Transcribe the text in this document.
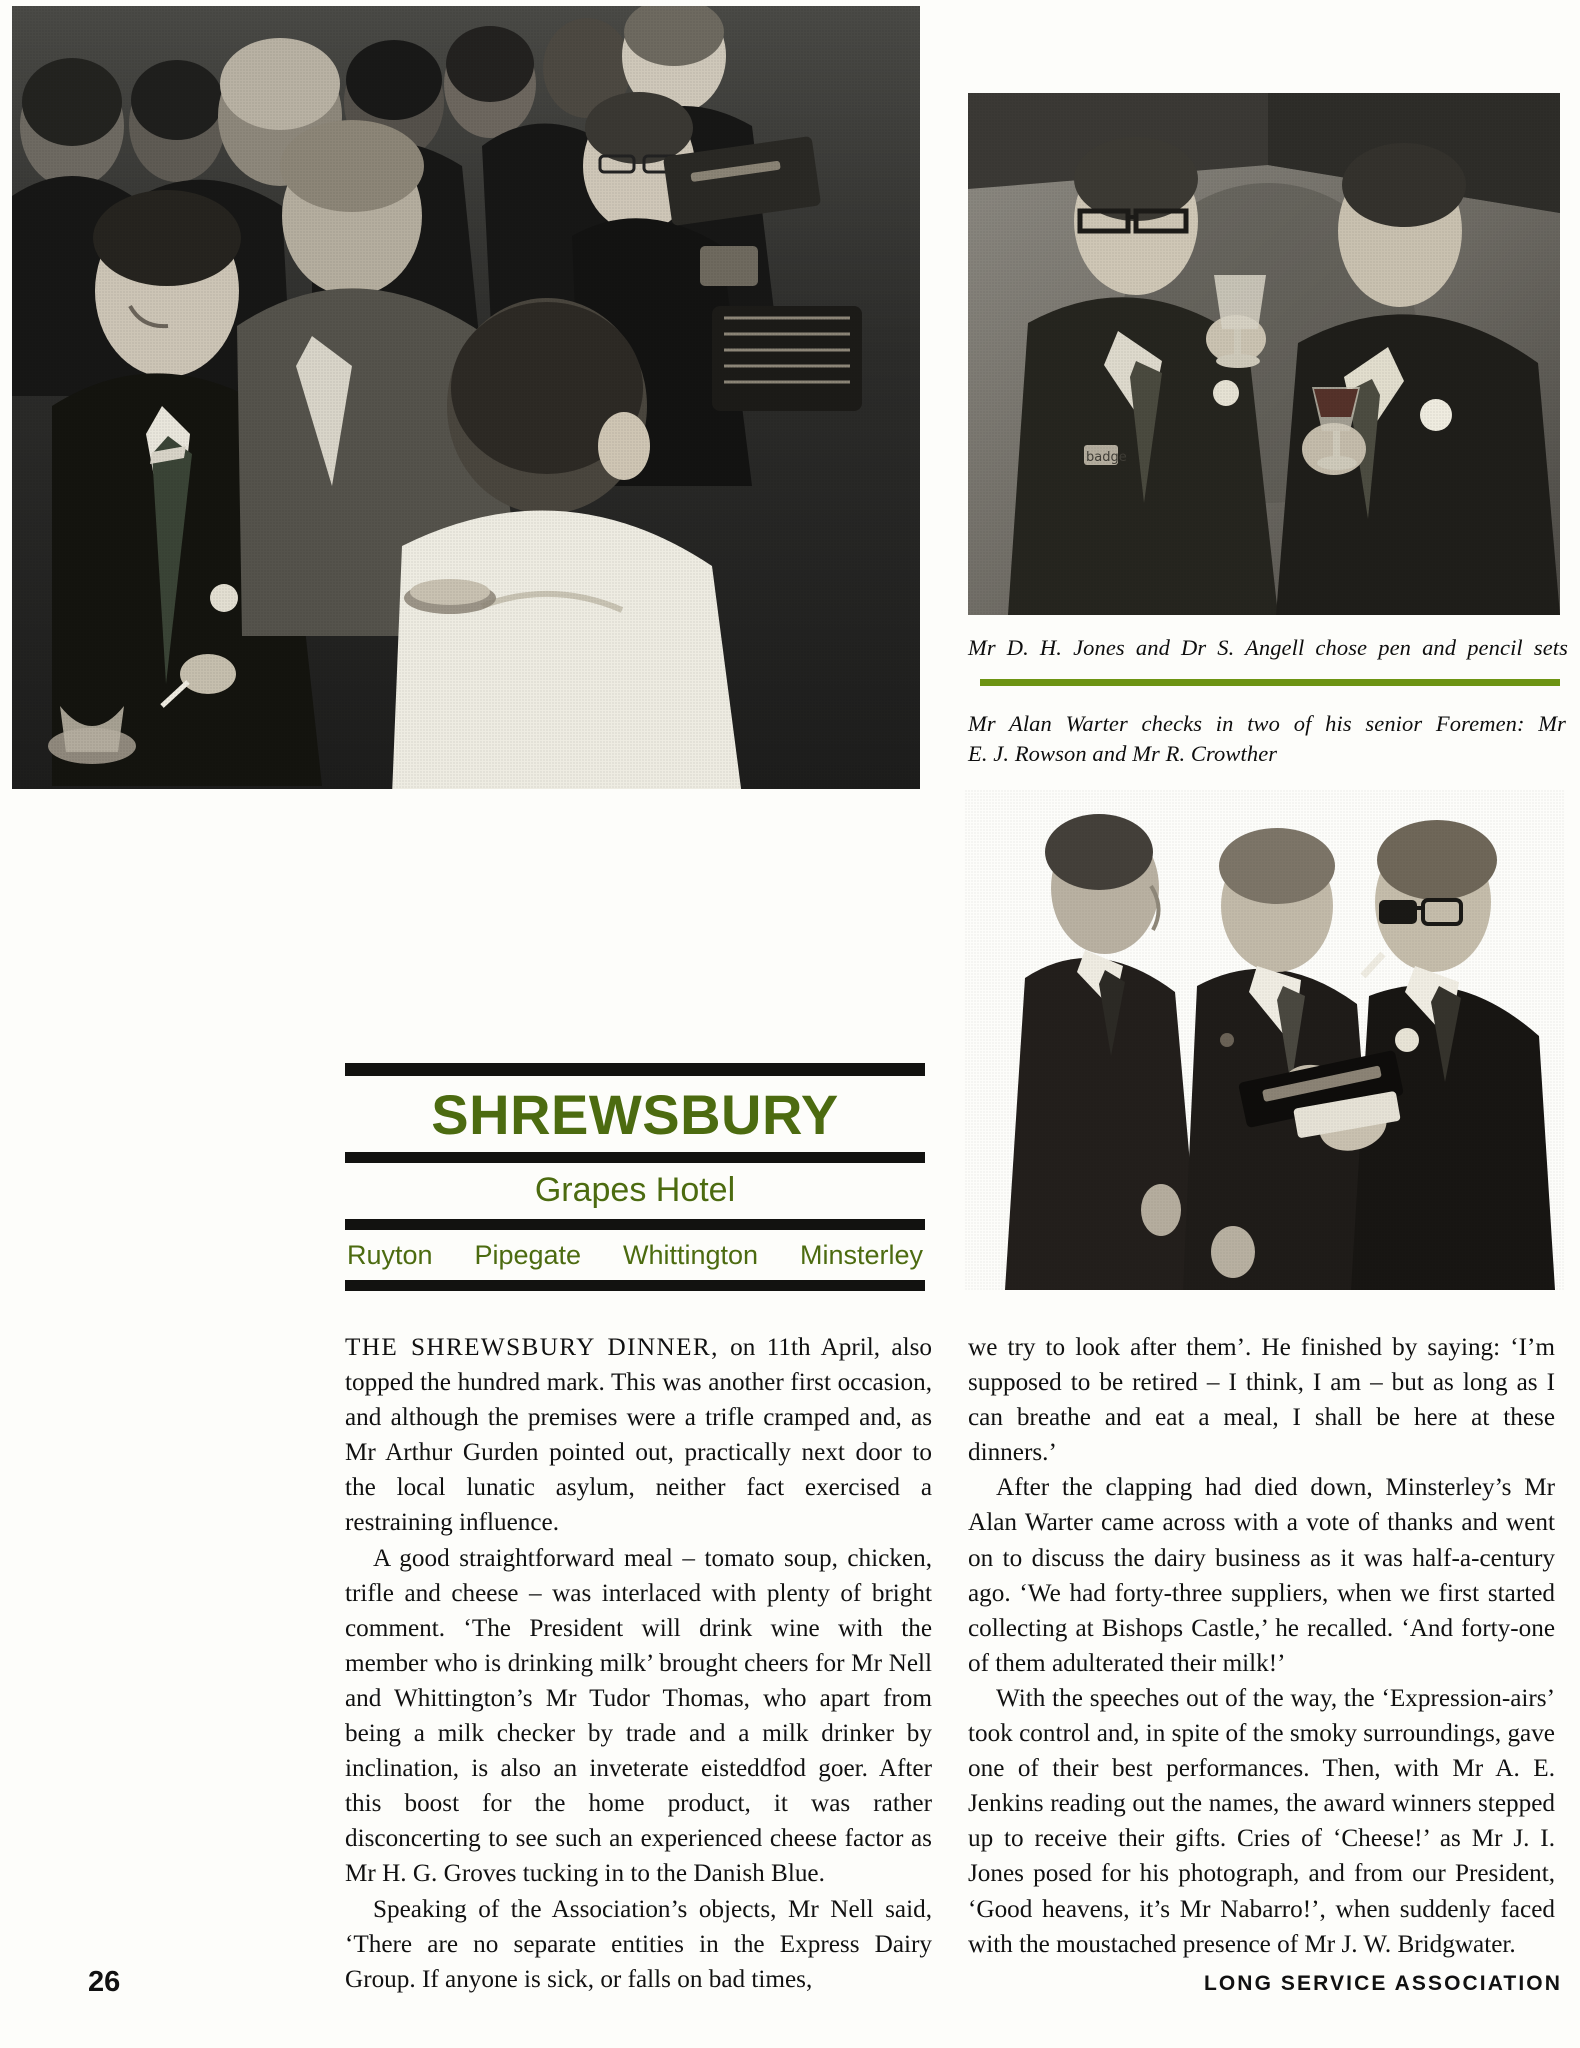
Mr D. H. Jones and Dr S. Angell chose pen and pencil sets
Mr Alan Warter checks in two of his senior Foremen: Mr
E. J. Rowson and Mr R. Crowther
SHREWSBURY
Grapes Hotel
Ruyton Pipegate Whittington Minsterley

THE SHREWSBURY DINNER, on 11th April, also topped the hundred mark. This was another first occasion, and although the premises were a trifle cramped and, as Mr Arthur Gurden pointed out, practically next door to the local lunatic asylum, neither fact exercised a restraining influence.

A good straightforward meal – tomato soup, chicken, trifle and cheese – was interlaced with plenty of bright comment. ‘The President will drink wine with the member who is drinking milk’ brought cheers for Mr Nell and Whittington’s Mr Tudor Thomas, who apart from being a milk checker by trade and a milk drinker by inclination, is also an inveterate eisteddfod goer. After this boost for the home product, it was rather disconcerting to see such an experienced cheese factor as Mr H. G. Groves tucking in to the Danish Blue.

Speaking of the Association’s objects, Mr Nell said, ‘There are no separate entities in the Express Dairy Group. If anyone is sick, or falls on bad times,

we try to look after them’. He finished by saying: ‘I’m supposed to be retired – I think, I am – but as long as I can breathe and eat a meal, I shall be here at these dinners.’

After the clapping had died down, Minsterley’s Mr Alan Warter came across with a vote of thanks and went on to discuss the dairy business as it was half-a-century ago. ‘We had forty-three suppliers, when we first started collecting at Bishops Castle,’ he recalled. ‘And forty-one of them adulterated their milk!’

With the speeches out of the way, the ‘Expression-airs’ took control and, in spite of the smoky surroundings, gave one of their best performances. Then, with Mr A. E. Jenkins reading out the names, the award winners stepped up to receive their gifts. Cries of ‘Cheese!’ as Mr J. I. Jones posed for his photograph, and from our President, ‘Good heavens, it’s Mr Nabarro!’, when suddenly faced with the moustached presence of Mr J. W. Bridgwater.

26	LONG SERVICE ASSOCIATION
